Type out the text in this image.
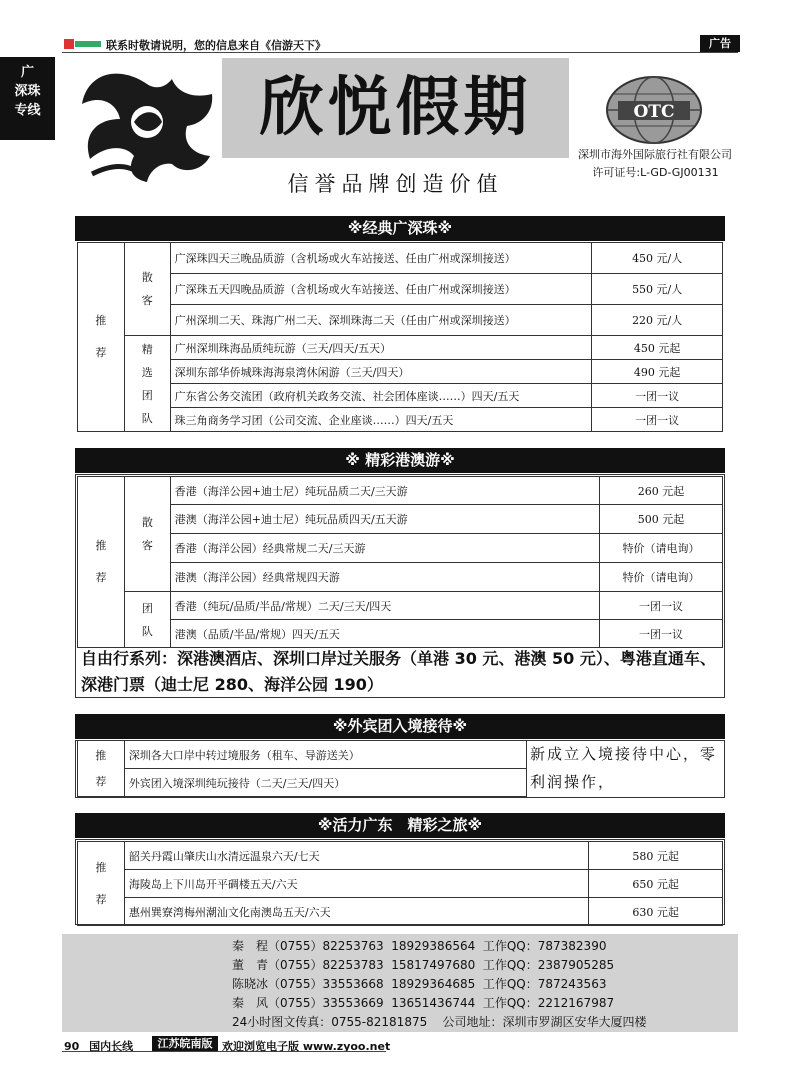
联系时敬请说明，您的信息来自《信游天下》	广告
广
深珠
专线	欣悦假期
信誉品牌创造价值
OTC
深圳市海外国际旅行社有限公司
许可证号:L-GD-GJ00131
※经典广深珠※
推
荐	散
客	广深珠四天三晚品质游（含机场或火车站接送、任由广州或深圳接送）	450 元/人
		广深珠五天四晚品质游（含机场或火车站接送、任由广州或深圳接送）	550 元/人
		广州深圳二天、珠海广州二天、深圳珠海二天（任由广州或深圳接送）	220 元/人

	精
选
团
队	广州深圳珠海品质纯玩游（三天/四天/五天）	450 元起
		深圳东部华侨城珠海海泉湾休闲游（三天/四天）	490 元起
		广东省公务交流团（政府机关政务交流、社会团体座谈……）四天/五天	一团一议
		珠三角商务学习团（公司交流、企业座谈……）四天/五天	一团一议
※ 精彩港澳游※
推
荐	散
客	香港（海洋公园+迪士尼）纯玩品质二天/三天游	260 元起
		港澳（海洋公园+迪士尼）纯玩品质四天/五天游	500 元起
		香港（海洋公园）经典常规二天/三天游	特价（请电询）
		港澳（海洋公园）经典常规四天游	特价（请电询）

	团
队	香港（纯玩/品质/半品/常规）二天/三天/四天	一团一议
		港澳（品质/半品/常规）四天/五天	一团一议
自由行系列：深港澳酒店、深圳口岸过关服务（单港 30 元、港澳 50 元）、粤港直通车、深港门票（迪士尼 280、海洋公园 190）
※外宾团入境接待※
推
荐
	深圳各大口岸中转过境服务（租车、导游送关）
外宾团入境深圳纯玩接待（二天/三天/四天）
新成立入境接待中心，零利润操作，
※活力广东　精彩之旅※
推
荐	韶关丹霞山肇庆山水清远温泉六天/七天	580 元起
	海陵岛上下川岛开平碉楼五天/六天	650 元起
	惠州巽寮湾梅州潮汕文化南澳岛五天/六天	630 元起
秦　程（0755）82253763  18929386564  工作QQ：787382390
董　青（0755）82253783  15817497680  工作QQ：2387905285
陈晓冰（0755）33553668  18929364685  工作QQ：787243563
秦　风（0755）33553669  13651436744  工作QQ：2212167987
24小时图文传真：0755-82181875    公司地址：深圳市罗湖区安华大厦四楼
90 国内长线	江苏皖南版 欢迎浏览电子版 www.zyoo.net
